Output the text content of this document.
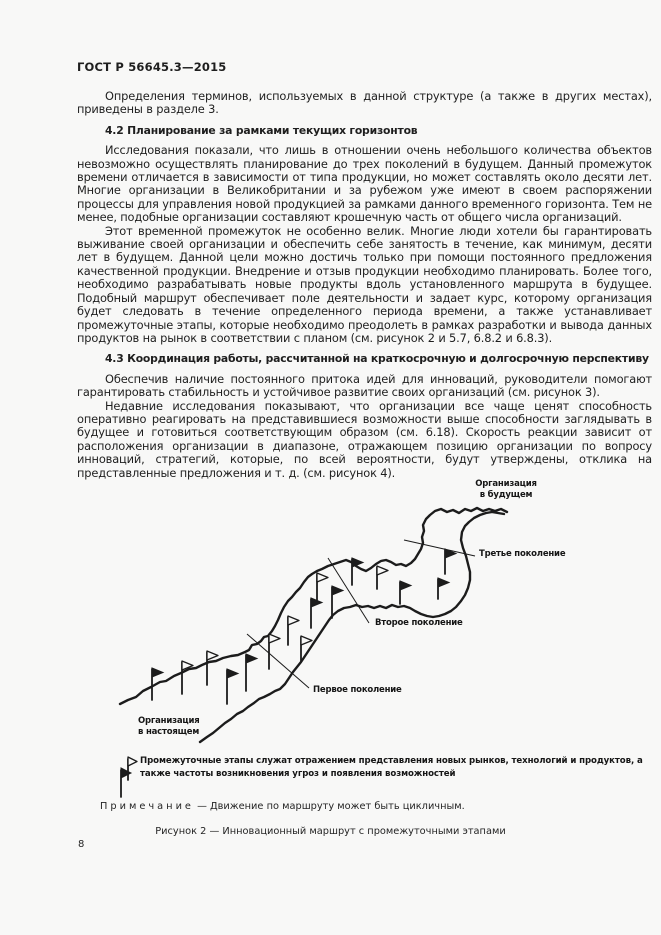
ГОСТ Р 56645.3—2015

Определения терминов, используемых в данной структуре (а также в других местах), приведены в разделе 3.

4.2 Планирование за рамками текущих горизонтов

Исследования показали, что лишь в отношении очень небольшого количества объектов невозможно осуществлять планирование до трех поколений в будущем. Данный промежуток времени отличается в зависимости от типа продукции, но может составлять около десяти лет. Многие организации в Великобритании и за рубежом уже имеют в своем распоряжении процессы для управления новой продукцией за рамками данного временного горизонта. Тем не менее, подобные организации составляют крошечную часть от общего числа организаций.

Этот временной промежуток не особенно велик. Многие люди хотели бы гарантировать выживание своей организации и обеспечить себе занятость в течение, как минимум, десяти лет в будущем. Данной цели можно достичь только при помощи постоянного предложения качественной продукции. Внедрение и отзыв продукции необходимо планировать. Более того, необходимо разрабатывать новые продукты вдоль установленного маршрута в будущее. Подобный маршрут обеспечивает поле деятельности и задает курс, которому организация будет следовать в течение определенного периода времени, а также устанавливает промежуточные этапы, которые необходимо преодолеть в рамках разработки и вывода данных продуктов на рынок в соответствии с планом (см. рисунок 2 и 5.7, 6.8.2 и 6.8.3).

4.3 Координация работы, рассчитанной на краткосрочную и долгосрочную перспективу

Обеспечив наличие постоянного притока идей для инноваций, руководители помогают гарантировать стабильность и устойчивое развитие своих организаций (см. рисунок 3).

Недавние исследования показывают, что организации все чаще ценят способность оперативно реагировать на представившиеся возможности выше способности заглядывать в будущее и готовиться соответствующим образом (см. 6.18). Скорость реакции зависит от расположения организации в диапазоне, отражающем позицию организации по вопросу инноваций, стратегий, которые, по всей вероятности, будут утверждены, отклика на представленные предложения и т. д. (см. рисунок 4).

Организация
в будущем
Третье поколение
Второе поколение
Первое поколение
Организация
в настоящем
Промежуточные этапы служат отражением представления новых рынков, технологий и продуктов, а также частоты возникновения угроз и появления возможностей
Примечание — Движение по маршруту может быть цикличным.
Рисунок 2 — Инновационный маршрут с промежуточными этапами
8
